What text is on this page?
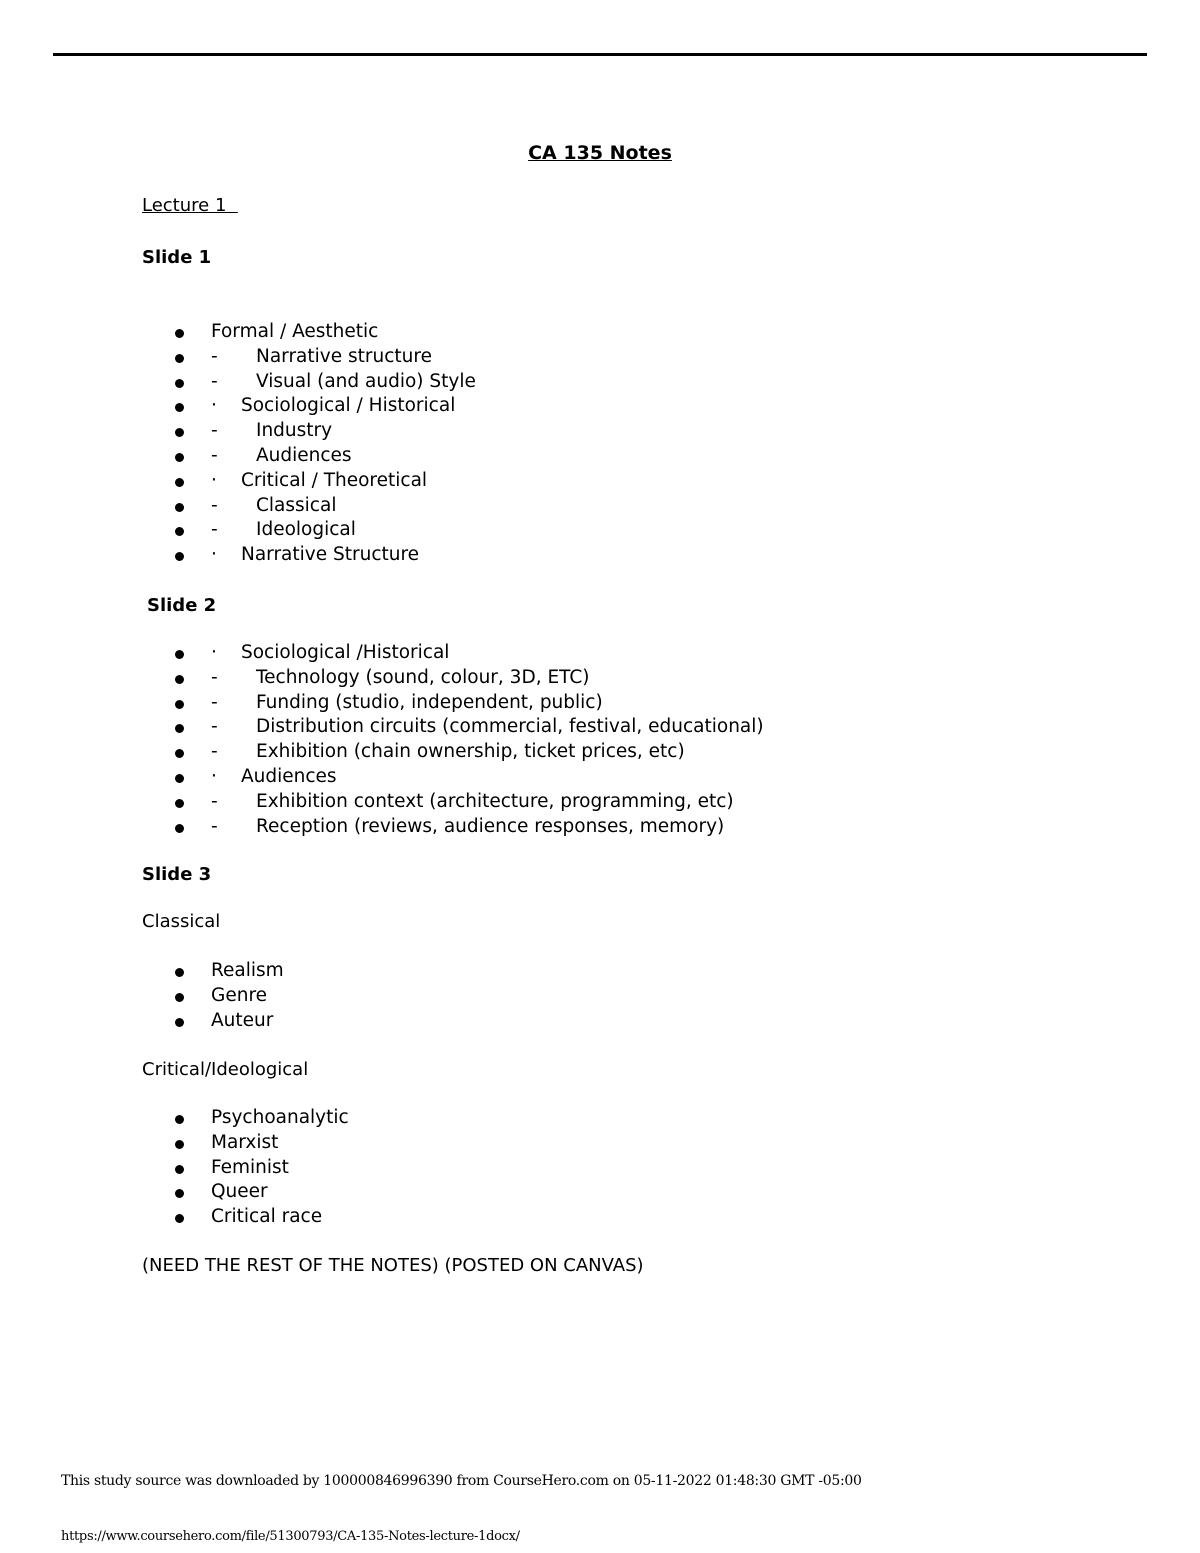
CA 135 Notes
Lecture 1
Slide 1
Formal / Aesthetic
- Narrative structure
- Visual (and audio) Style
· Sociological / Historical
- Industry
- Audiences
· Critical / Theoretical
- Classical
- Ideological
· Narrative Structure
Slide 2
· Sociological /Historical
- Technology (sound, colour, 3D, ETC)
- Funding (studio, independent, public)
- Distribution circuits (commercial, festival, educational)
- Exhibition (chain ownership, ticket prices, etc)
· Audiences
- Exhibition context (architecture, programming, etc)
- Reception (reviews, audience responses, memory)
Slide 3
Classical
Realism
Genre
Auteur
Critical/Ideological
Psychoanalytic
Marxist
Feminist
Queer
Critical race
(NEED THE REST OF THE NOTES) (POSTED ON CANVAS)
This study source was downloaded by 100000846996390 from CourseHero.com on 05-11-2022 01:48:30 GMT -05:00
https://www.coursehero.com/file/51300793/CA-135-Notes-lecture-1docx/
